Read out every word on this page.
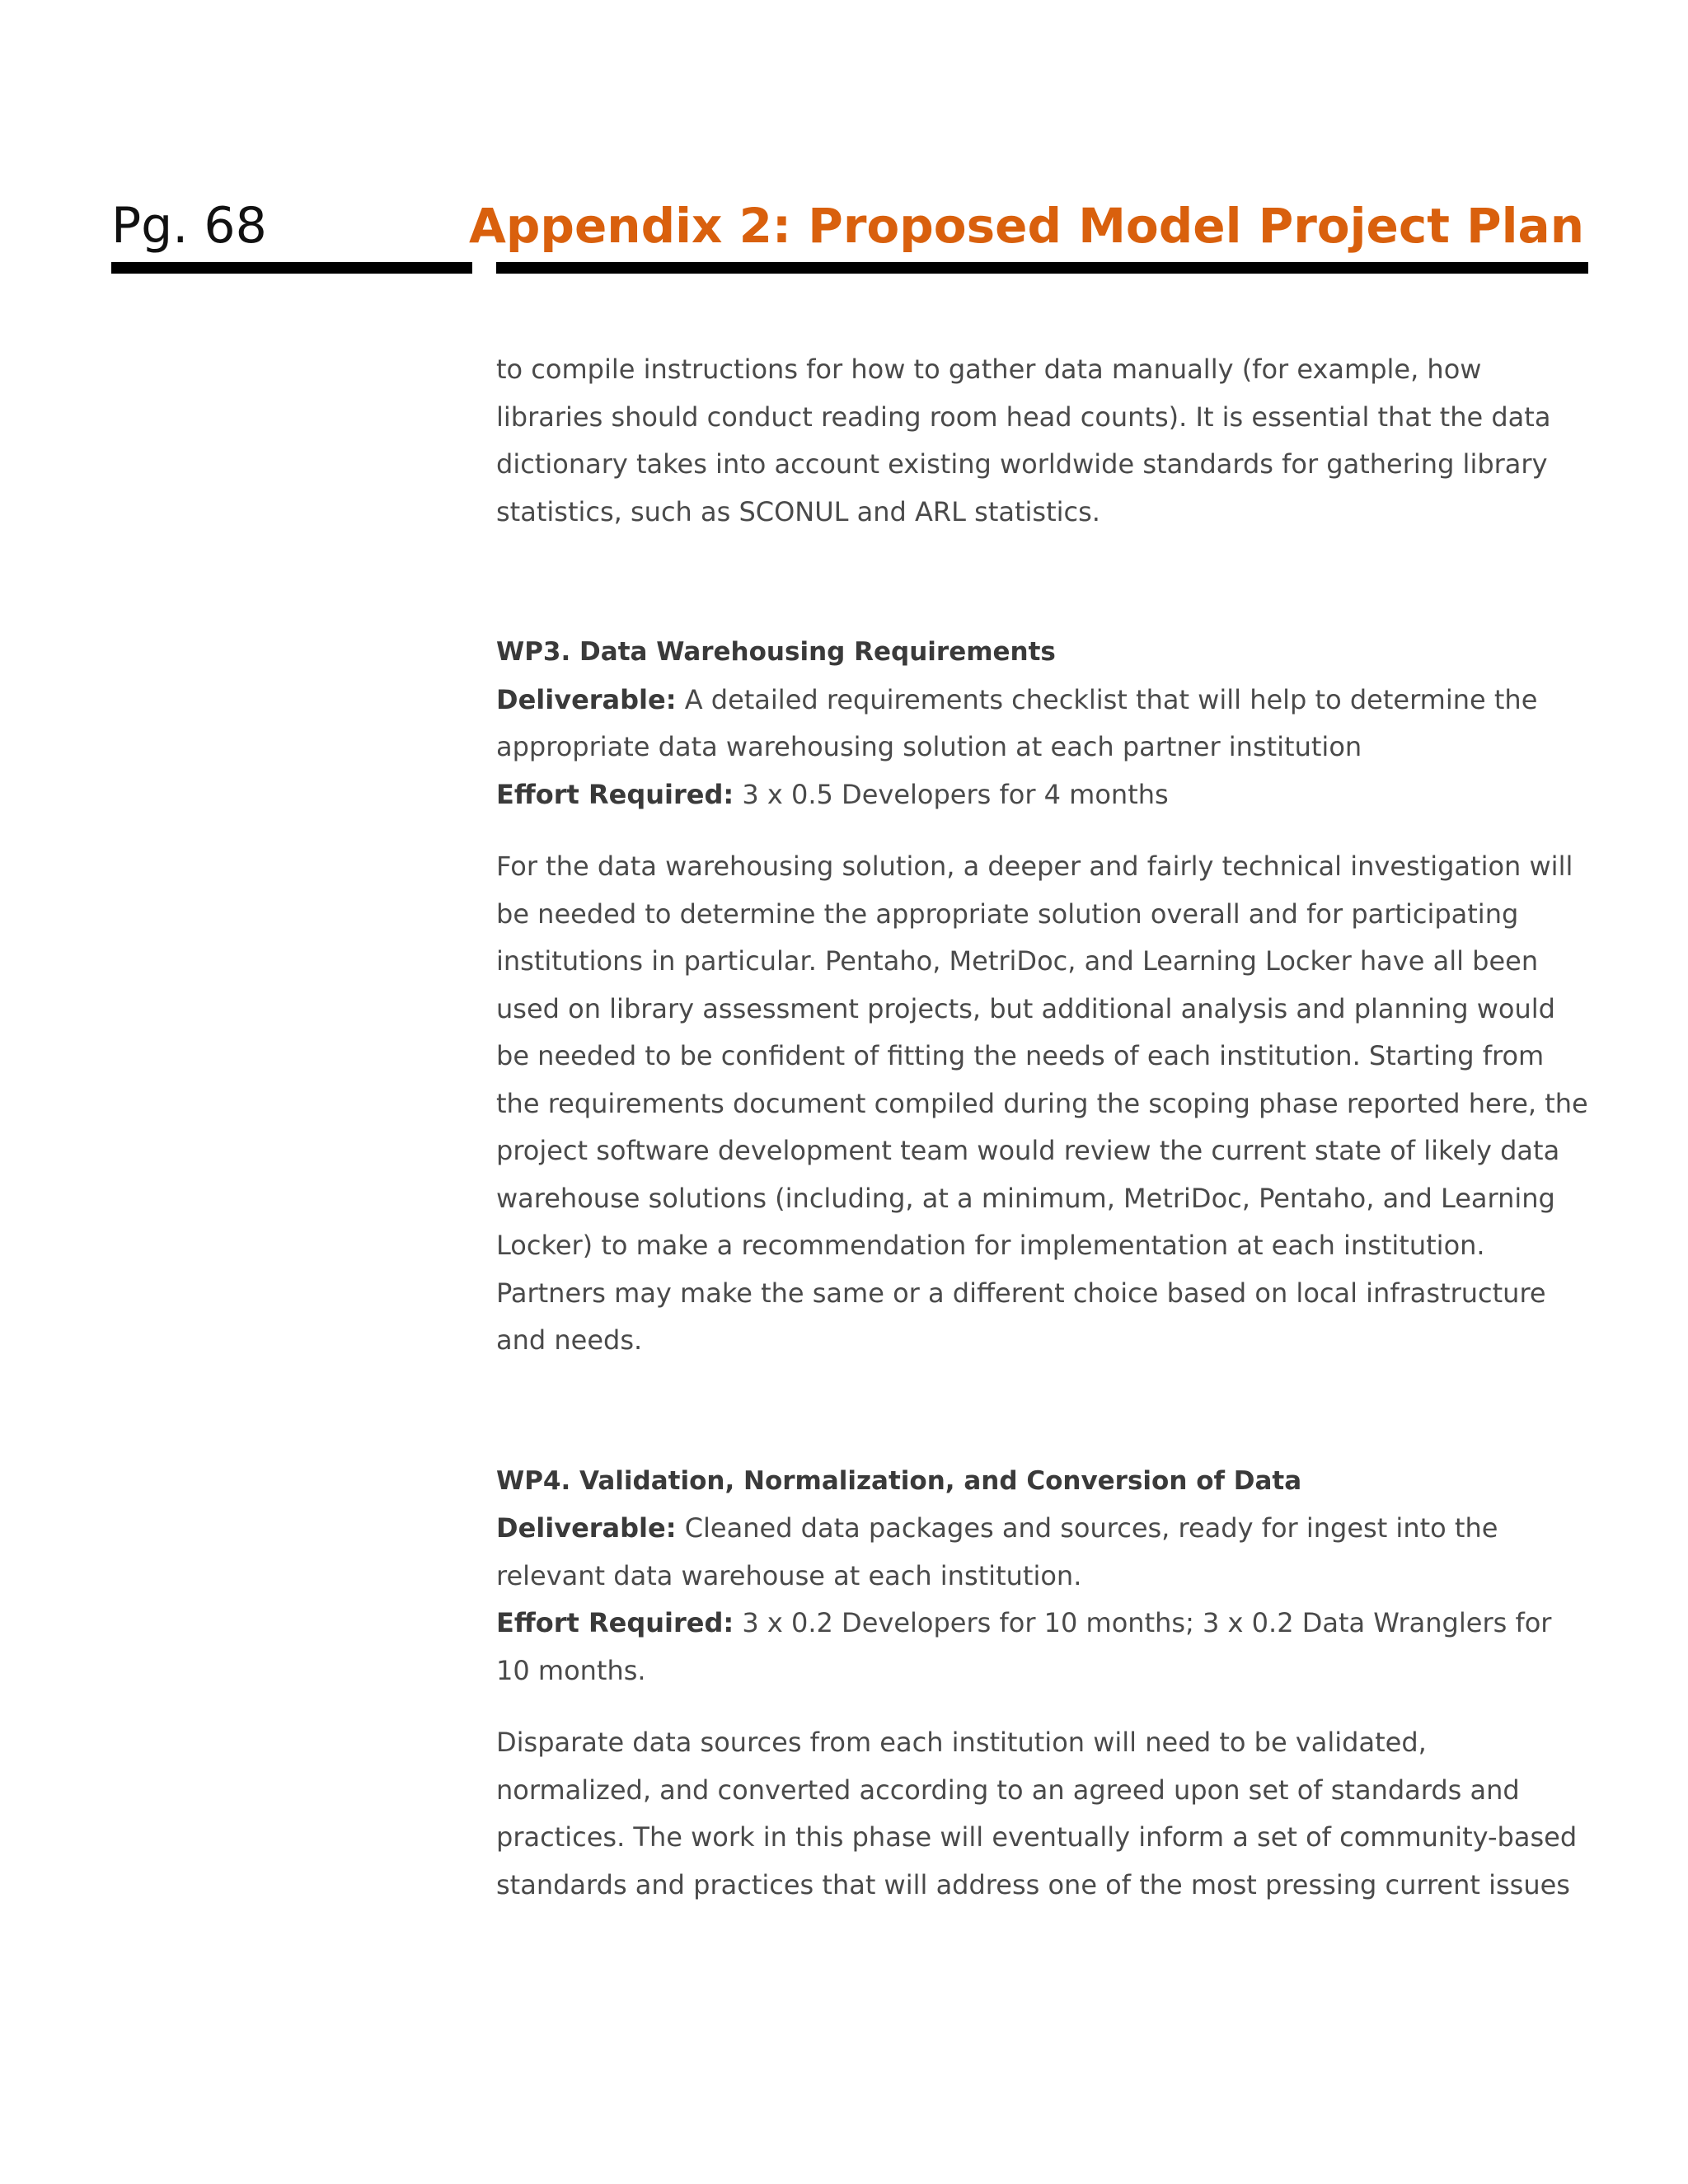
Pg. 68	Appendix 2: Proposed Model Project Plan

to compile instructions for how to gather data manually (for example, how libraries should conduct reading room head counts). It is essential that the data dictionary takes into account existing worldwide standards for gathering library statistics, such as SCONUL and ARL statistics.

WP3. Data Warehousing Requirements

Deliverable: A detailed requirements checklist that will help to determine the appropriate data warehousing solution at each partner institution

Effort Required: 3 x 0.5 Developers for 4 months

For the data warehousing solution, a deeper and fairly technical investigation will be needed to determine the appropriate solution overall and for participating institutions in particular. Pentaho, MetriDoc, and Learning Locker have all been used on library assessment projects, but additional analysis and planning would be needed to be confident of fitting the needs of each institution. Starting from the requirements document compiled during the scoping phase reported here, the project software development team would review the current state of likely data warehouse solutions (including, at a minimum, MetriDoc, Pentaho, and Learning Locker) to make a recommendation for implementation at each institution. Partners may make the same or a different choice based on local infrastructure and needs.

WP4. Validation, Normalization, and Conversion of Data

Deliverable: Cleaned data packages and sources, ready for ingest into the relevant data warehouse at each institution.

Effort Required: 3 x 0.2 Developers for 10 months; 3 x 0.2 Data Wranglers for 10 months.

Disparate data sources from each institution will need to be validated, normalized, and converted according to an agreed upon set of standards and practices. The work in this phase will eventually inform a set of community-based standards and practices that will address one of the most pressing current issues
